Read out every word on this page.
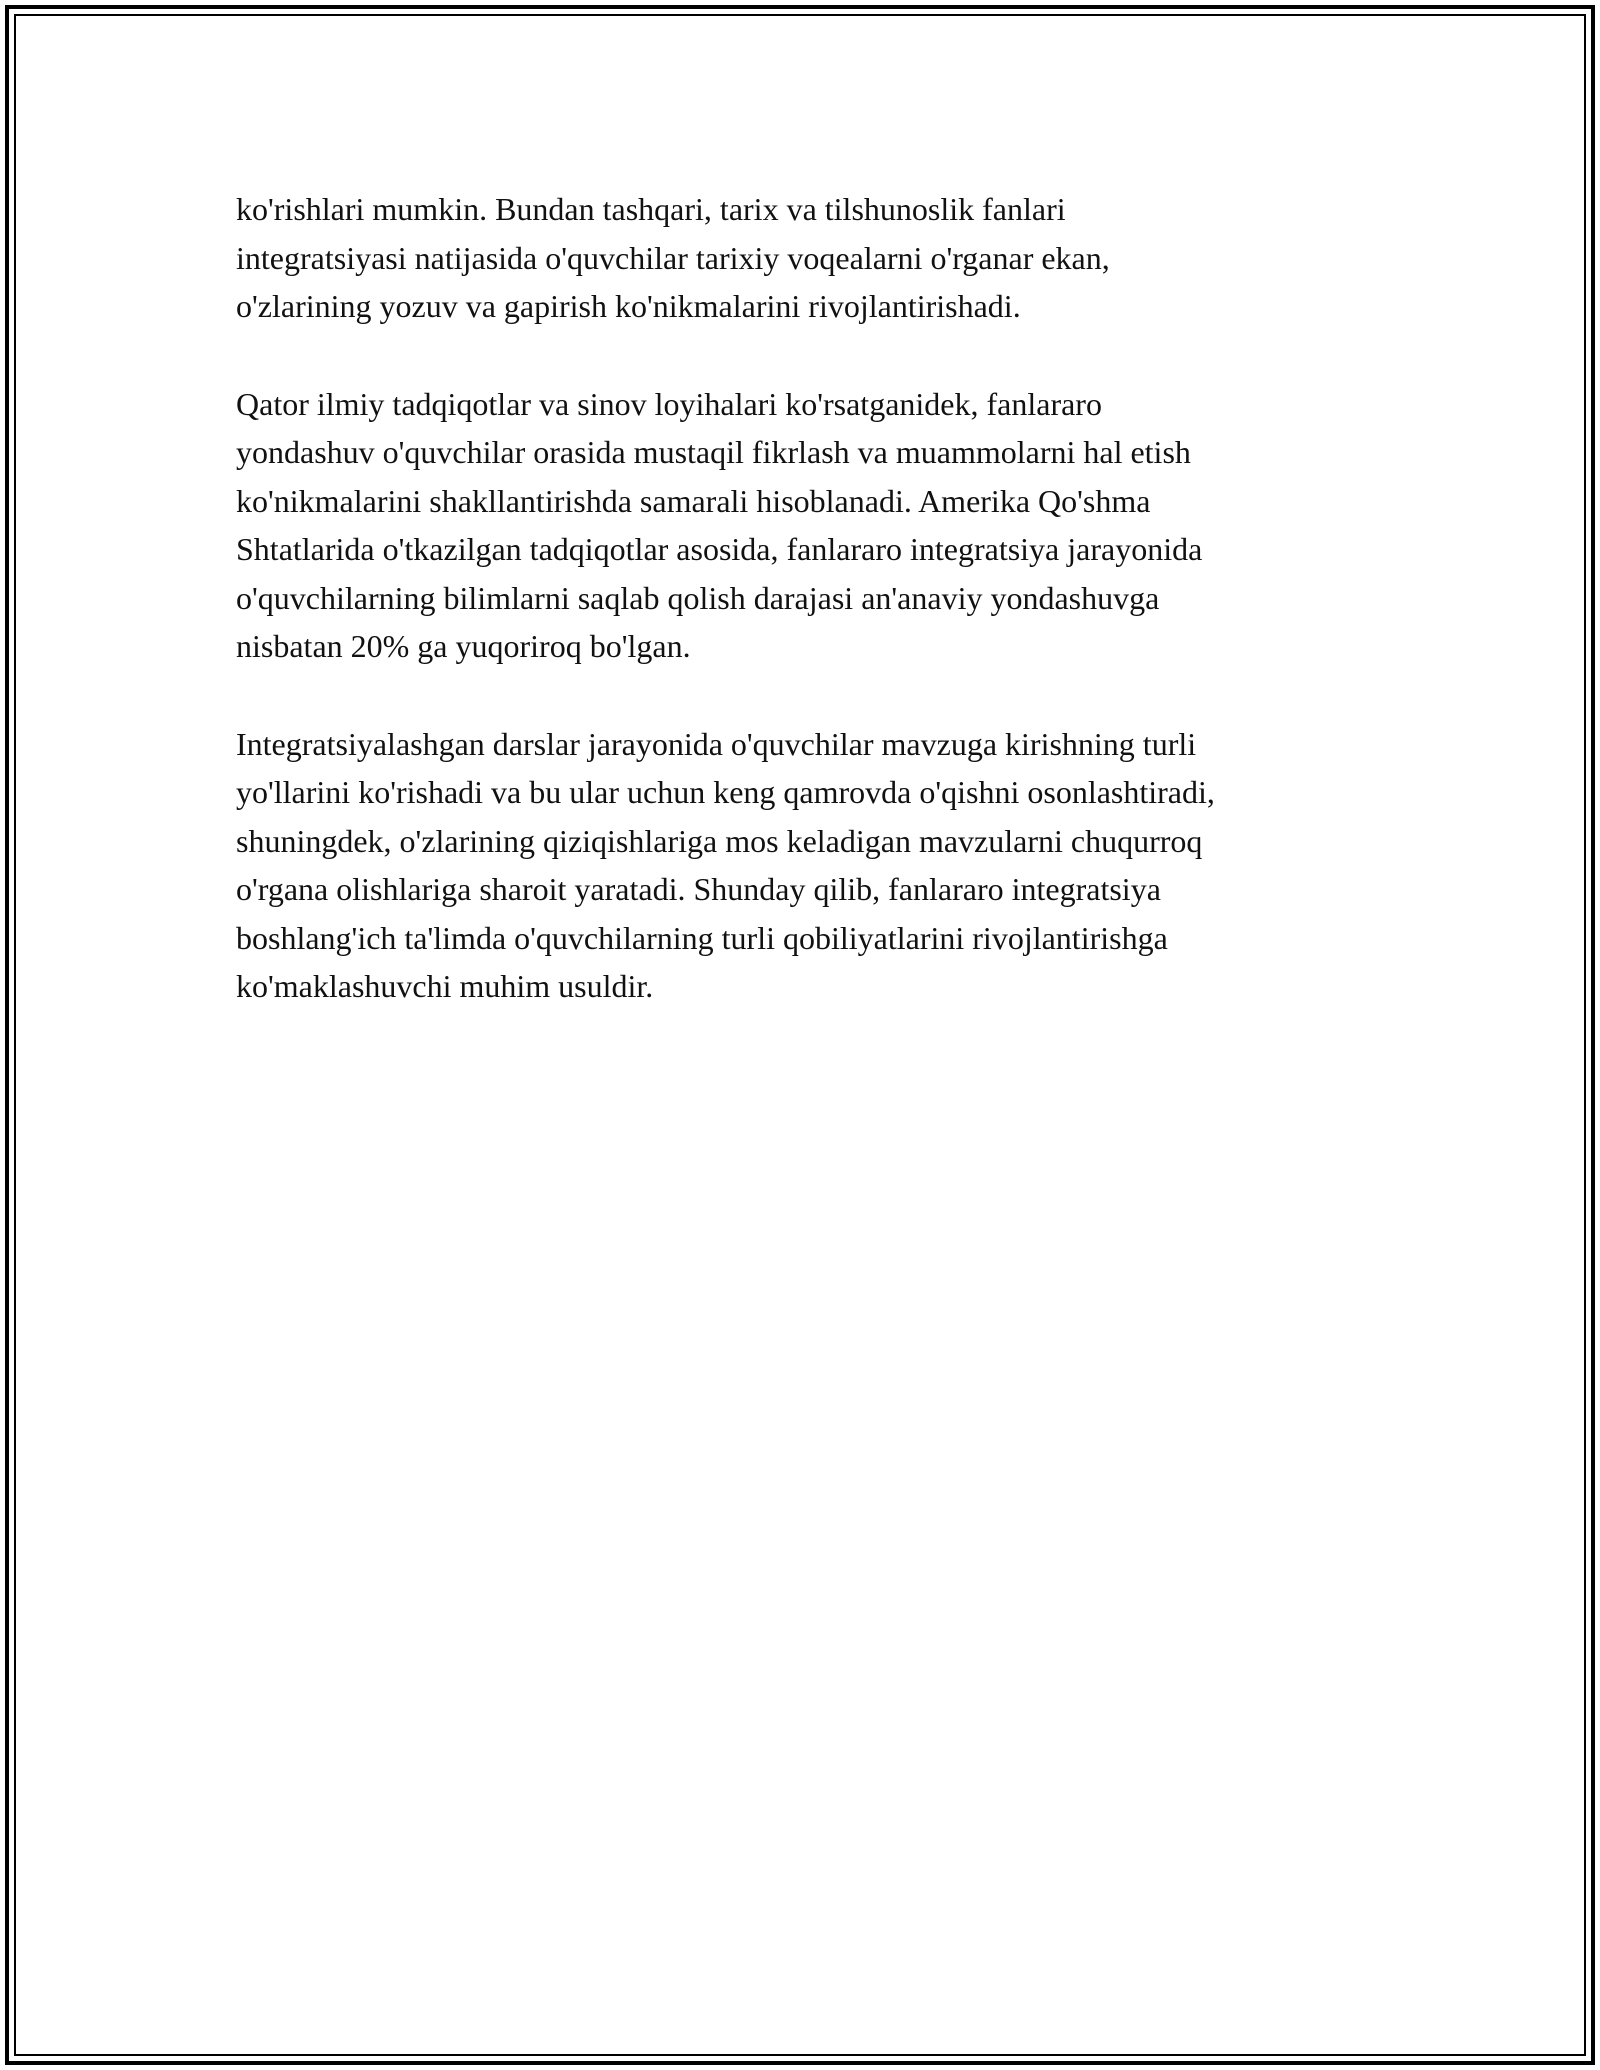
ko'rishlari mumkin. Bundan tashqari, tarix va tilshunoslik fanlari
integratsiyasi natijasida o'quvchilar tarixiy voqealarni o'rganar ekan,
o'zlarining yozuv va gapirish ko'nikmalarini rivojlantirishadi.

Qator ilmiy tadqiqotlar va sinov loyihalari ko'rsatganidek, fanlararo
yondashuv o'quvchilar orasida mustaqil fikrlash va muammolarni hal etish
ko'nikmalarini shakllantirishda samarali hisoblanadi. Amerika Qo'shma
Shtatlarida o'tkazilgan tadqiqotlar asosida, fanlararo integratsiya jarayonida
o'quvchilarning bilimlarni saqlab qolish darajasi an'anaviy yondashuvga
nisbatan 20% ga yuqoriroq bo'lgan.

Integratsiyalashgan darslar jarayonida o'quvchilar mavzuga kirishning turli
yo'llarini ko'rishadi va bu ular uchun keng qamrovda o'qishni osonlashtiradi,
shuningdek, o'zlarining qiziqishlariga mos keladigan mavzularni chuqurroq
o'rgana olishlariga sharoit yaratadi. Shunday qilib, fanlararo integratsiya
boshlang'ich ta'limda o'quvchilarning turli qobiliyatlarini rivojlantirishga
ko'maklashuvchi muhim usuldir.
